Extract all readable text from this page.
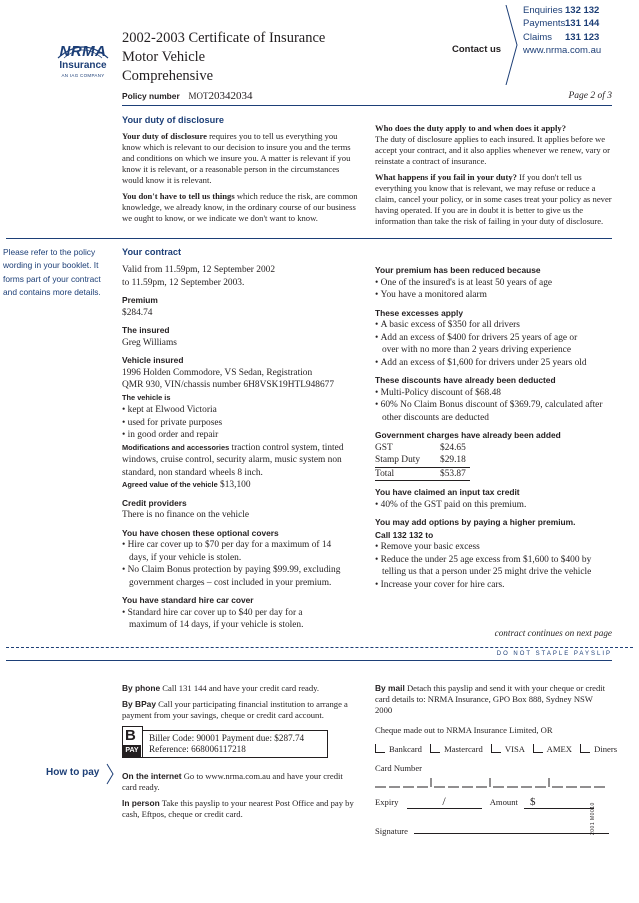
NRMA
Insurance
AN IAG COMPANY
2002-2003 Certificate of Insurance
Motor Vehicle
Comprehensive
Policy number MOT20342034	Page 2 of 3
Contact us
Enquiries 132 132
Payments131 144
Claims 131 123
www.nrma.com.au
Your duty of disclosure

Your duty of disclosure requires you to tell us everything you know which is relevant to our decision to insure you and the terms and conditions on which we insure you. A matter is relevant if you know it is relevant, or a reasonable person in the circumstances would know it is relevant.

You don't have to tell us things which reduce the risk, are common knowledge, we already know, in the ordinary course of our business we ought to know, or we indicate we don't want to know.

Who does the duty apply to and when does it apply?

The duty of disclosure applies to each insured. It applies before we accept your contract, and it also applies whenever we renew, vary or reinstate a contract of insurance.

What happens if you fail in your duty? If you don't tell us everything you know that is relevant, we may refuse or reduce a claim, cancel your policy, or in some cases treat your policy as never having operated. If you are in doubt it is better to give us the information than take the risk of failing in your duty of disclosure.

Please refer to the policy wording in your booklet. It forms part of your contract and contains more details.
Your contract
Valid from 11.59pm, 12 September 2002
to 11.59pm, 12 September 2003.
Premium
$284.74
The insured
Greg Williams
Vehicle insured
1996 Holden Commodore, VS Sedan, Registration
QMR 930, VIN/chassis number 6H8VSK19HTL948677
The vehicle is
• kept at Elwood Victoria
• used for private purposes
• in good order and repair
Modifications and accessories traction control system, tinted windows, cruise control, security alarm, music system non standard, non standard wheels 8 inch.
Agreed value of the vehicle $13,100
Credit providers
There is no finance on the vehicle
You have chosen these optional covers
• Hire car cover up to $70 per day for a maximum of 14 days, if your vehicle is stolen.
• No Claim Bonus protection by paying $99.99, excluding government charges – cost included in your premium.
You have standard hire car cover
• Standard hire car cover up to $40 per day for a maximum of 14 days, if your vehicle is stolen.
Your premium has been reduced because
• One of the insured's is at least 50 years of age
• You have a monitored alarm
These excesses apply
• A basic excess of $350 for all drivers
• Add an excess of $400 for drivers 25 years of age or over with no more than 2 years driving experience
• Add an excess of $1,600 for drivers under 25 years old
These discounts have already been deducted
• Multi-Policy discount of $68.48
• 60% No Claim Bonus discount of $369.79, calculated after other discounts are deducted
Government charges have already been added
GST	$24.65
Stamp Duty $29.18
Total	$53.87
You have claimed an input tax credit
• 40% of the GST paid on this premium.
You may add options by paying a higher premium.
Call 132 132 to
• Remove your basic excess
• Reduce the under 25 age excess from $1,600 to $400 by telling us that a person under 25 might drive the vehicle
• Increase your cover for hire cars.
contract continues on next page
DO NOT STAPLE PAYSLIP
How to pay

By phone Call 131 144 and have your credit card ready.

By BPay Call your participating financial institution to arrange a payment from your savings, cheque or credit card account.

B
PAY
Biller Code: 90001 Payment due: $287.74
Reference: 668006117218

On the internet Go to www.nrma.com.au and have your credit card ready.

In person Take this payslip to your nearest Post Office and pay by cash, Eftpos, cheque or credit card.

By mail Detach this payslip and send it with your cheque or credit card details to: NRMA Insurance, GPO Box 888, Sydney NSW 2000

Cheque made out to NRMA Insurance Limited, OR

Bankcard	Mastercard	VISA	AMEX	Diners

Card Number

Expiry	/	Amount $
Signature	2001 M0010
